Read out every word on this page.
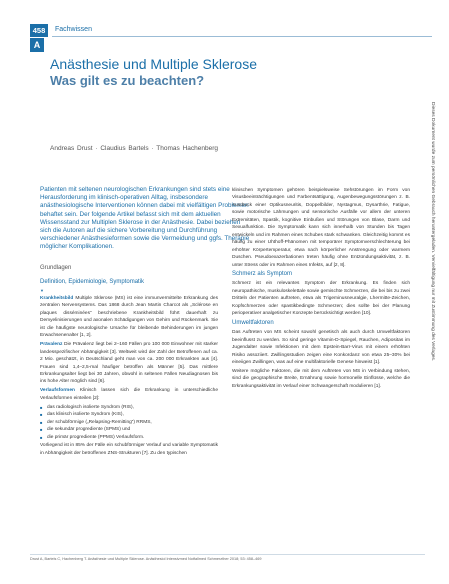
458	Fachwissen
A
Anästhesie und Multiple Sklerose
Was gilt es zu beachten?
Andreas Drust · Claudius Bartels · Thomas Hachenberg
Patienten mit seltenen neurologischen Erkrankungen sind stets eine Herausforderung im klinisch-operativen Alltag, insbesondere anästhesiologische Interventionen können dabei mit vielfältigen Problemen behaftet sein. Der folgende Artikel befasst sich mit dem aktuellen Wissensstand zur Multiplen Sklerose in der Anästhesie. Dabei beziehen sich die Autoren auf die sichere Vorbereitung und Durchführung verschiedener Anästhesieformen sowie die Vermeidung und ggfs. Therapie möglicher Komplikationen.
Grundlagen
Definition, Epidemiologie, Symptomatik
▼

Krankheitsbild Multiple Sklerose (MS) ist eine immunvermittelte Erkrankung des zentralen Nervensystems. Das 1868 durch Jean Martin Charcot als „Sclérose en plaques disséminées“ beschriebene Krankheitsbild führt dauerhaft zu Demyelinisierungen und axonalen Schädigungen von Gehirn und Rückenmark. Sie ist die häufigste neurologische Ursache für bleibende Behinderungen im jungen Erwachsenenalter [1, 2].

Prävalenz Die Prävalenz liegt bei 2–160 Fällen pro 100 000 Einwohner mit starker landesspezifischer Abhängigkeit [3]. Weltweit wird der Zahl der Betroffenen auf ca. 2 Mio. geschätzt, in Deutschland geht man von ca. 200 000 Erkrankten aus [4]. Frauen sind 1,4–2,5-mal häufiger betroffen als Männer [5]. Das mittlere Erkrankungsalter liegt bei 30 Jahren, obwohl in seltenen Fällen Neudiagnosen bis ins hohe Alter möglich sind [6].

Verlaufsformen Klinisch lassen sich die Erkrankung in unterschiedliche Verlaufsformen einteilen [2]:

■ das radiologisch isolierte Syndrom (RIS),
■ das klinisch isolierte Syndrom (KIS),
■ der schubförmige („Relapsing-Remitting“) RRMS,
■ die sekundär progrediente (SPMS) und
■ die primär progrediente (PPMS) Verlaufsform.

Vorliegend ist in 85% der Fälle ein schubförmiger Verlauf und variable Symptomatik in Abhängigkeit der betroffenen ZNS-Strukturen [7]. Zu den typischen

klinischen Symptomen gehören beispielsweise Sehstörungen im Form von Visusbeeinträchtigungen und Farbentsättigung, Augenbewegungsstörungen z. B. Ausdruck einer Optikusneuritis, Doppelbilder, Nystagmus, Dysarthrie, Fatigue, sowie motorische Lähmungen und sensorische Ausfälle vor allem der unteren Extremitäten, Spastik, kognitive Einbußen und Störungen von Blase, Darm und Sexualfunktion. Die Symptomatik kann sich innerhalb von Stunden bis Tagen entwickeln und im Rahmen eines Schubes stark schwanken. Gleichzeitig kommt es häufig zu einer Uhthoff-Phänomen mit temporärer Symptomverschlechterung bei erhöhter Körpertemperatur, etwa nach körperlicher Anstrengung oder warmem Duschen. Pseudoexazerbationen treten häufig ohne Entzündungsaktivität, z. B. unter Stress oder im Rahmen eines Infekts, auf [2, 8].

Schmerz als Symptom

Schmerz ist ein relevantes Symptom der Erkrankung. Es finden sich neuropathische, muskuloskelettale sowie gemischte Schmerzen, die bei bis zu zwei Dritteln der Patienten auftreten, etwa als Trigeminusneuralgie, Lhermitte-Zeichen, Kopfschmerzen oder spastikbedingte Schmerzen; dies sollte bei der Planung perioperativer analgetischer Konzepte berücksichtigt werden [10].

Umweltfaktoren

Das Auftreten von MS scheint sowohl genetisch als auch durch Umweltfaktoren beeinflusst zu werden. So sind geringe Vitamin-D-Spiegel, Rauchen, Adipositas im Jugendalter sowie Infektionen mit dem Epstein-Barr-Virus mit einem erhöhten Risiko assoziiert. Zwillingsstudien zeigen eine Konkordanz von etwa 25–30% bei eineiigen Zwillingen, was auf eine multifaktorielle Genese hinweist [1].

Weitere mögliche Faktoren, die mit dem Auftreten von MS in Verbindung stehen, sind die geographische Breite, Ernährung sowie hormonelle Einflüsse, welche die Erkrankungsaktivität im Verlauf einer Schwangerschaft modulieren [1].

Drust A, Bartels C, Hachenberg T. Anästhesie und Multiple Sklerose. Anästhesiol Intensivmed Notfallmed Schmerzther 2018; 53: 458–469
Dieses Dokument wurde zum persönlichen Gebrauch heruntergeladen. Vervielfältigung nur mit Zustimmung des Verlages.
